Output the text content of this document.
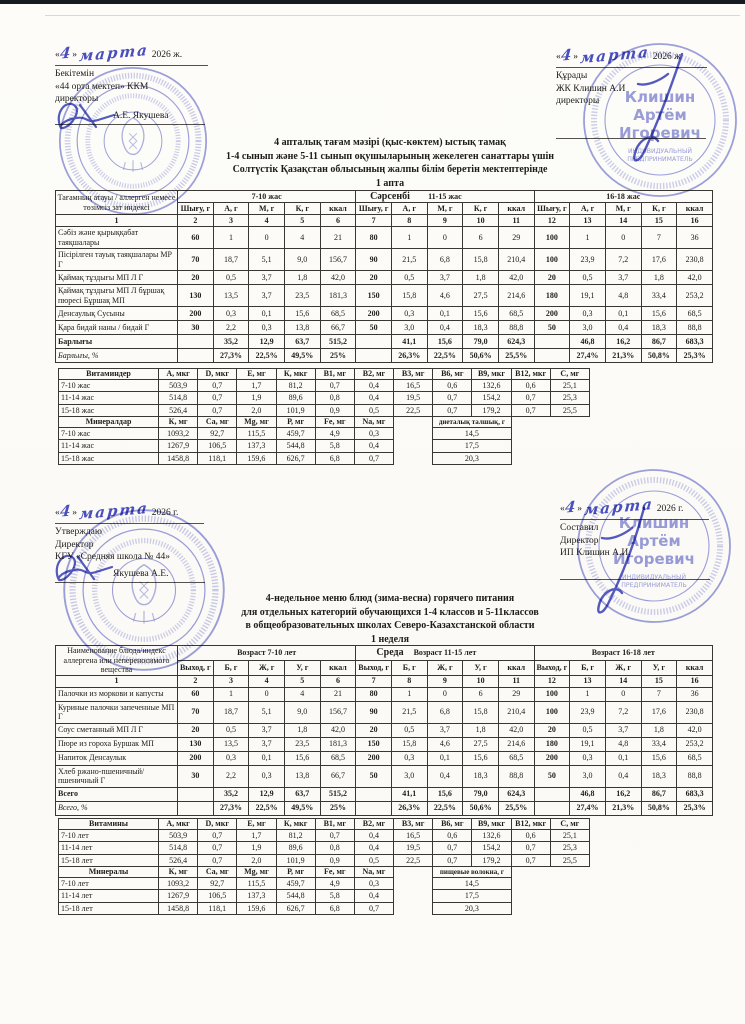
«4» марта 2026 ж.
Бекітемін
«44 орта мектеп» ККМ
директоры
А.Е. Якушева
«4» марта 2026 ж
Құрады
ЖК Клишин А.И
директоры
4 апталық тағам мәзірі (қыс-көктем) ыстық тамақ
1-4 сынып және 5-11 сынып оқушыларының жекелеген санаттары үшін
Солтүстік Қазақстан облысының жалпы білім беретін мектептерінде
1 апта
Сәрсенбі
Тағамның атауы / аллерген немесе төзімсіз зат индексі	7-10 жас					11-15 жас					16-18 жас				
	Шығу, г	А, г	М, г	К, г	ккал	Шығу, г	А, г	М, г	К, г	ккал	Шығу, г	А, г	М, г	К, г	ккал
1	2	3	4	5	6	7	8	9	10	11	12	13	14	15	16
Сәбіз және қырыққабат таяқшалары	60	1	0	4	21	80	1	0	6	29	100	1	0	7	36
Пісірілген тауық таяқшалары МР Г	70	18,7	5,1	9,0	156,7	90	21,5	6,8	15,8	210,4	100	23,9	7,2	17,6	230,8
Қаймақ тұздығы МП Л Г	20	0,5	3,7	1,8	42,0	20	0,5	3,7	1,8	42,0	20	0,5	3,7	1,8	42,0
Қаймақ тұздығы МП Л бұршақ пюресі Бұршақ МП	130	13,5	3,7	23,5	181,3	150	15,8	4,6	27,5	214,6	180	19,1	4,8	33,4	253,2
Денсаулық Сусыны	200	0,3	0,1	15,6	68,5	200	0,3	0,1	15,6	68,5	200	0,3	0,1	15,6	68,5
Қара бидай наны / бидай Г	30	2,2	0,3	13,8	66,7	50	3,0	0,4	18,3	88,8	50	3,0	0,4	18,3	88,8
Барлығы		35,2	12,9	63,7	515,2		41,1	15,6	79,0	624,3		46,8	16,2	86,7	683,3
Барлығы, %		27,3%	22,5%	49,5%	25%		26,3%	22,5%	50,6%	25,5%		27,4%	21,3%	50,8%	25,3%
Витаминдер	А, мкг	D, мкг	Е, мг	К, мкг	В1, мг	В2, мг	В3, мг	В6, мг	В9, мкг	В12, мкг	С, мг
7-10 жас	503,9	0,7	1,7	81,2	0,7	0,4	16,5	0,6	132,6	0,6	25,1
11-14 жас	514,8	0,7	1,9	89,6	0,8	0,4	19,5	0,7	154,2	0,7	25,3
15-18 жас	526,4	0,7	2,0	101,9	0,9	0,5	22,5	0,7	179,2	0,7	25,5
Минералдар	К, мг	Са, мг	Mg, мг	Р, мг	Fe, мг	Na, мг		диеталық талшық, г			
7-10 жас	1093,2	92,7	115,5	459,7	4,9	0,3		14,5			
11-14 жас	1267,9	106,5	137,3	544,8	5,8	0,4		17,5			
15-18 жас	1458,8	118,1	159,6	626,7	6,8	0,7		20,3			
«4» марта 2026 г.
Утверждаю
Директор
КГУ «Средняя школа № 44»
Якушева А.Е.
«4» марта 2026 г.
Составил
Директор
ИП Клишин А.И.
4-недельное меню блюд (зима-весна) горячего питания
для отдельных категорий обучающихся 1-4 классов и 5-11классов
в общеобразовательных школах Северо-Казахстанской области
1 неделя
Среда
Наименование блюда/индекс аллергена или непереносимого вещества	Возраст 7-10 лет					Возраст 11-15 лет					Возраст 16-18 лет				
	Выход, г	Б, г	Ж, г	У, г	ккал	Выход, г	Б, г	Ж, г	У, г	ккал	Выход, г	Б, г	Ж, г	У, г	ккал
1	2	3	4	5	6	7	8	9	10	11	12	13	14	15	16
Палочки из моркови и капусты	60	1	0	4	21	80	1	0	6	29	100	1	0	7	36
Куриные палочки запеченные МП Г	70	18,7	5,1	9,0	156,7	90	21,5	6,8	15,8	210,4	100	23,9	7,2	17,6	230,8
Соус сметанный МП Л Г	20	0,5	3,7	1,8	42,0	20	0,5	3,7	1,8	42,0	20	0,5	3,7	1,8	42,0
Пюре из гороха Буршак МП	130	13,5	3,7	23,5	181,3	150	15,8	4,6	27,5	214,6	180	19,1	4,8	33,4	253,2
Напиток Денсаулык	200	0,3	0,1	15,6	68,5	200	0,3	0,1	15,6	68,5	200	0,3	0,1	15,6	68,5
Хлеб ржано-пшеничный/ пшеничный Г	30	2,2	0,3	13,8	66,7	50	3,0	0,4	18,3	88,8	50	3,0	0,4	18,3	88,8
Всего		35,2	12,9	63,7	515,2		41,1	15,6	79,0	624,3		46,8	16,2	86,7	683,3
Всего, %		27,3%	22,5%	49,5%	25%		26,3%	22,5%	50,6%	25,5%		27,4%	21,3%	50,8%	25,3%
Витамины	А, мкг	D, мкг	Е, мг	К, мкг	В1, мг	В2, мг	В3, мг	В6, мг	В9, мкг	В12, мкг	С, мг
7-10 лет	503,9	0,7	1,7	81,2	0,7	0,4	16,5	0,6	132,6	0,6	25,1
11-14 лет	514,8	0,7	1,9	89,6	0,8	0,4	19,5	0,7	154,2	0,7	25,3
15-18 лет	526,4	0,7	2,0	101,9	0,9	0,5	22,5	0,7	179,2	0,7	25,5
Минералы	К, мг	Са, мг	Mg, мг	Р, мг	Fe, мг	Na, мг		пищевые волокна, г			
7-10 лет	1093,2	92,7	115,5	459,7	4,9	0,3		14,5			
11-14 лет	1267,9	106,5	137,3	544,8	5,8	0,4		17,5			
15-18 лет	1458,8	118,1	159,6	626,7	6,8	0,7		20,3			
Клишин
Артём
Игоревич
ИНДИВИДУАЛЬНЫЙ
ПРЕДПРИНИМАТЕЛЬ
Клишин
Артём
Игоревич
ИНДИВИДУАЛЬНЫЙ
ПРЕДПРИНИМАТЕЛЬ
